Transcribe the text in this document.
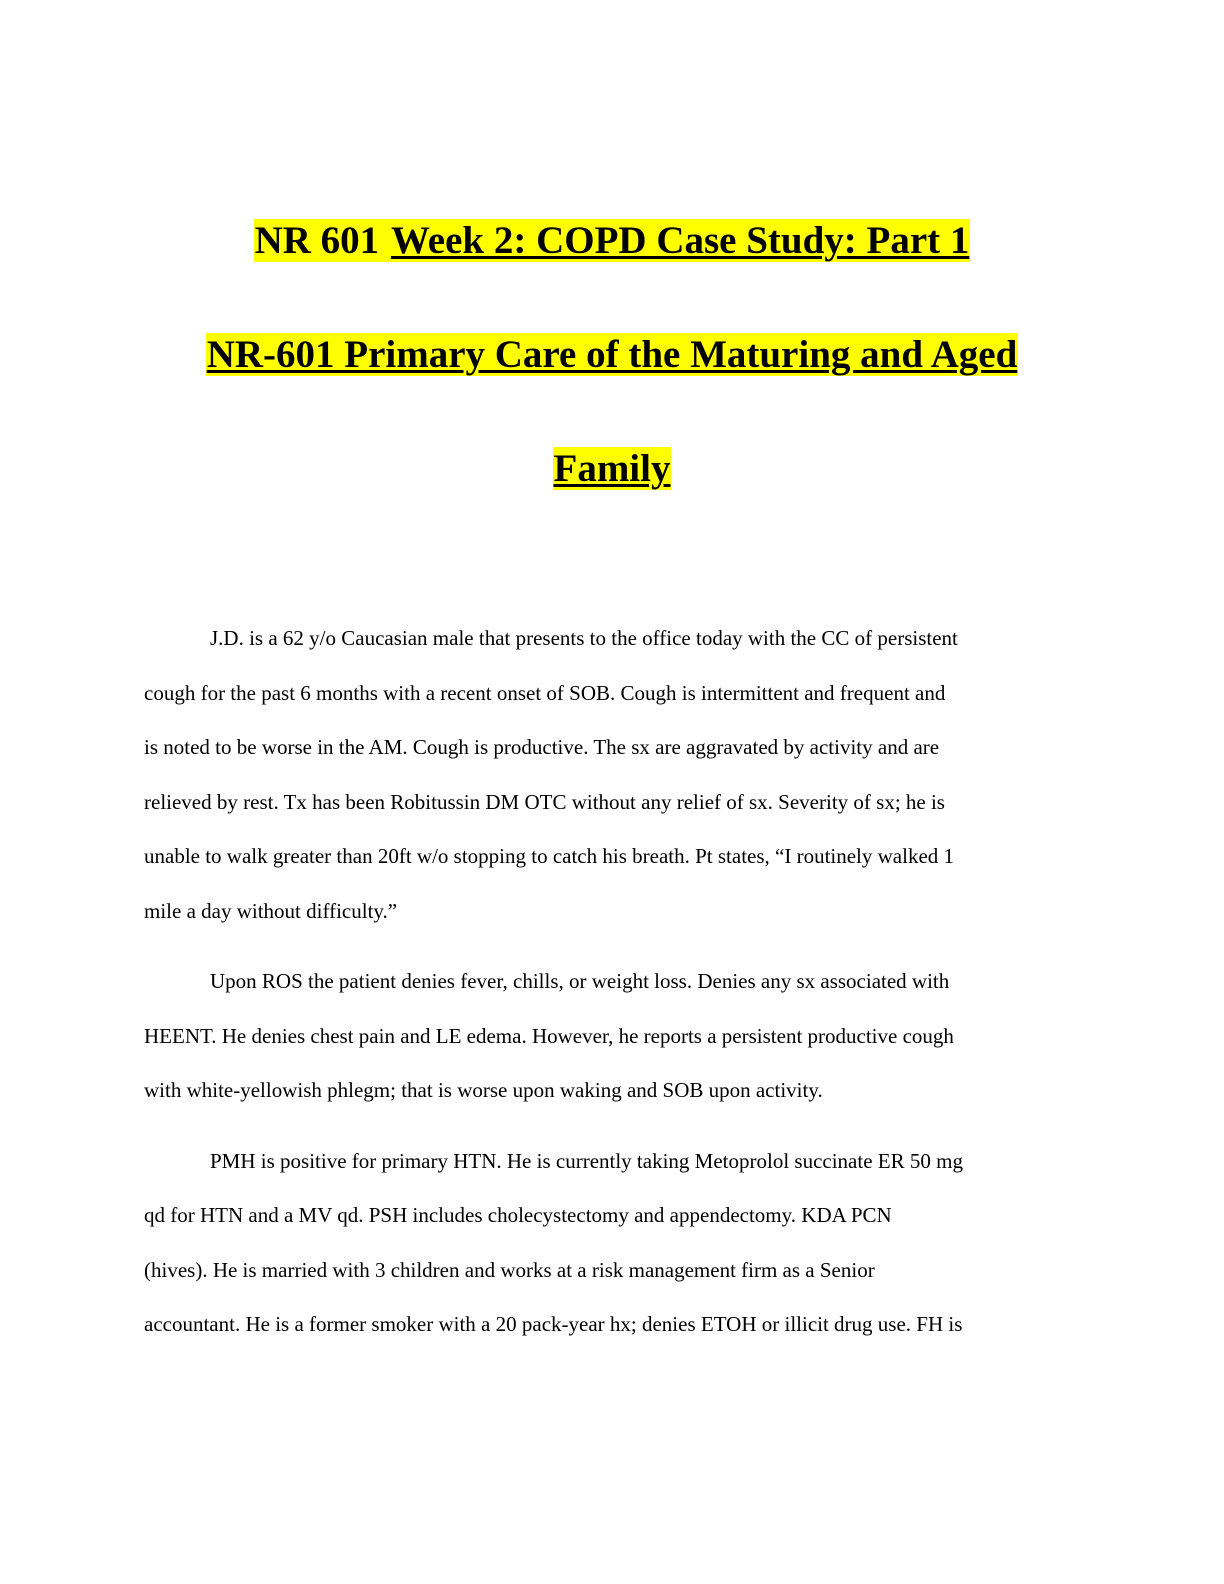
NR 601 Week 2: COPD Case Study: Part 1
NR-601 Primary Care of the Maturing and Aged
Family
J.D. is a 62 y/o Caucasian male that presents to the office today with the CC of persistent
cough for the past 6 months with a recent onset of SOB. Cough is intermittent and frequent and
is noted to be worse in the AM. Cough is productive. The sx are aggravated by activity and are
relieved by rest. Tx has been Robitussin DM OTC without any relief of sx. Severity of sx; he is
unable to walk greater than 20ft w/o stopping to catch his breath. Pt states, “I routinely walked 1
mile a day without difficulty.”
Upon ROS the patient denies fever, chills, or weight loss. Denies any sx associated with
HEENT. He denies chest pain and LE edema. However, he reports a persistent productive cough
with white-yellowish phlegm; that is worse upon waking and SOB upon activity.
PMH is positive for primary HTN. He is currently taking Metoprolol succinate ER 50 mg
qd for HTN and a MV qd. PSH includes cholecystectomy and appendectomy. KDA PCN
(hives). He is married with 3 children and works at a risk management firm as a Senior
accountant. He is a former smoker with a 20 pack-year hx; denies ETOH or illicit drug use. FH is
